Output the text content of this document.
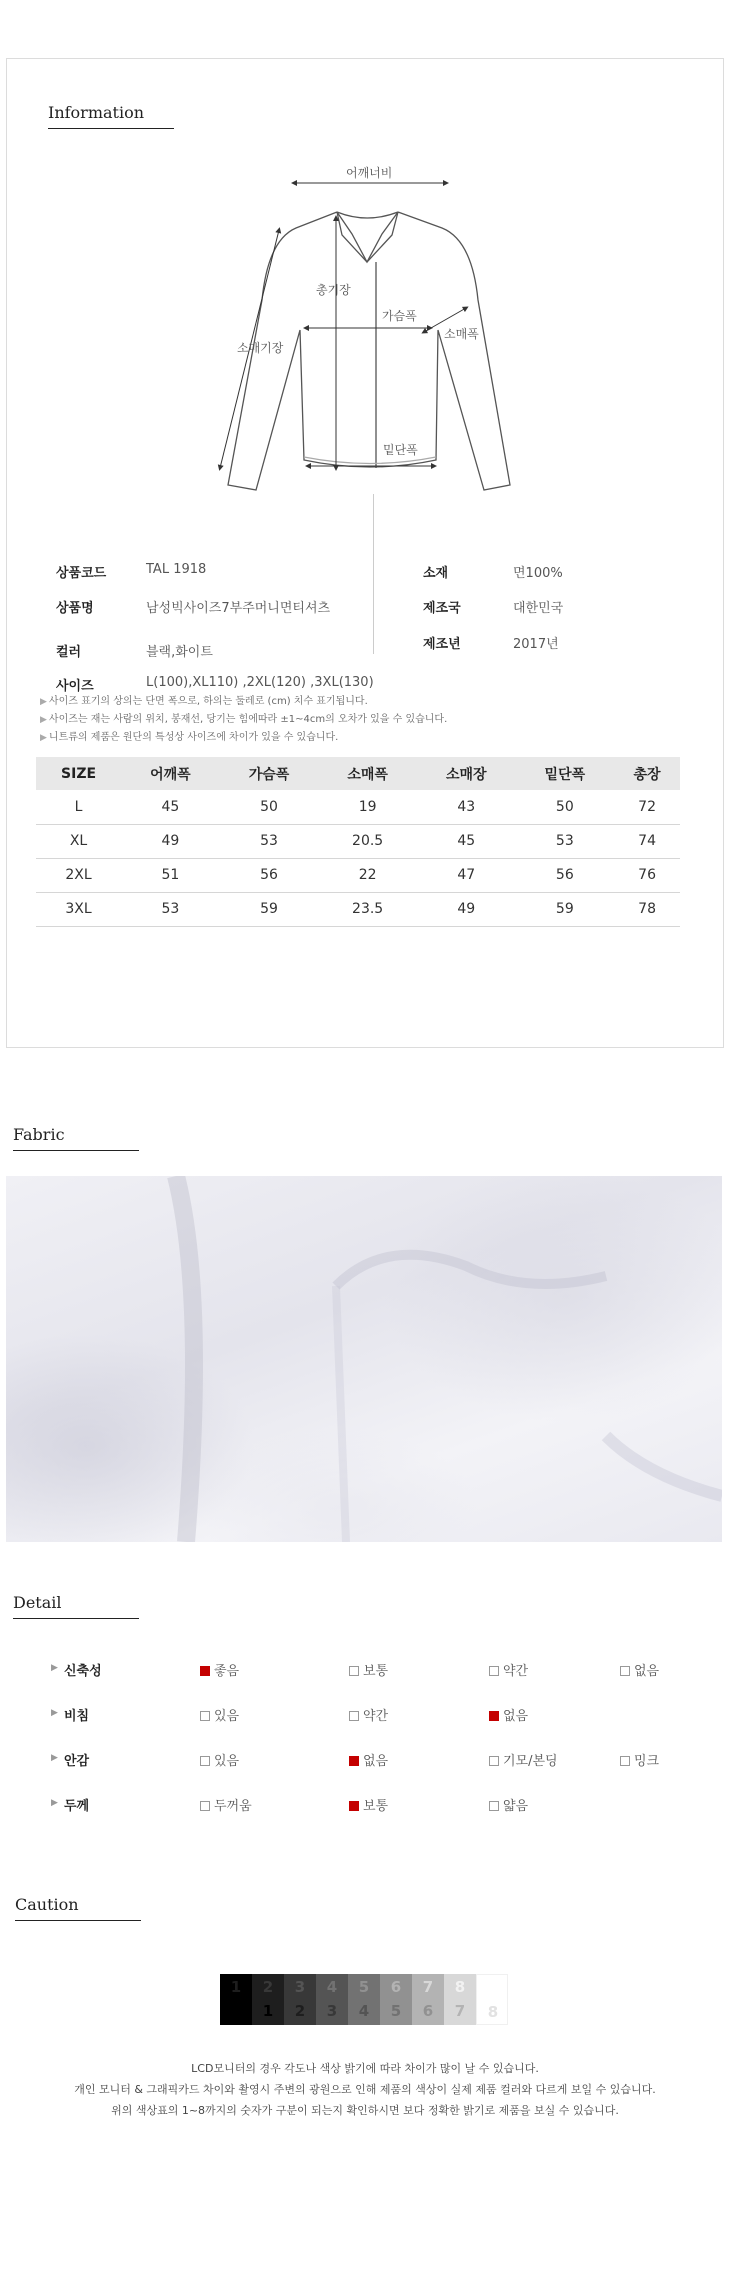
Information
어깨너비
총기장
가슴폭
소매기장
소매폭
밑단폭
상품코드	TAL 1918
상품명	남성빅사이즈7부주머니면티셔츠
컬러	블랙,화이트
사이즈	L(100),XL110) ,2XL(120) ,3XL(130)
소재	면100%
제조국	대한민국
제조년	2017년
▶ 사이즈 표기의 상의는 단면 폭으로, 하의는 둘레로 (cm) 치수 표기됩니다.
▶ 사이즈는 재는 사람의 위치, 봉재선, 당기는 힘에따라 ±1~4cm의 오차가 있을 수 있습니다.
▶ 니트류의 제품은 원단의 특성상 사이즈에 차이가 있을 수 있습니다.
SIZE	어깨폭	가슴폭	소매폭	소매장	밑단폭	총장
L	45	50	19	43	50	72
XL	49	53	20.5	45	53	74
2XL	51	56	22	47	56	76
3XL	53	59	23.5	49	59	78
Fabric
Detail
▶ 신축성	좋음	보통	약간	없음
▶ 비침	있음	약간	없음
▶ 안감	있음	없음	기모/본딩	밍크
▶ 두께	두꺼움	보통	얇음
Caution
1	2
1
3
2
4
3
5
4
6
5
7
6
8
7	8
LCD모니터의 경우 각도나 색상 밝기에 따라 차이가 많이 날 수 있습니다.
개인 모니터 & 그래픽카드 차이와 촬영시 주변의 광원으로 인해 제품의 색상이 실제 제품 컬러와 다르게 보일 수 있습니다.
위의 색상표의 1~8까지의 숫자가 구분이 되는지 확인하시면 보다 정확한 밝기로 제품을 보실 수 있습니다.
